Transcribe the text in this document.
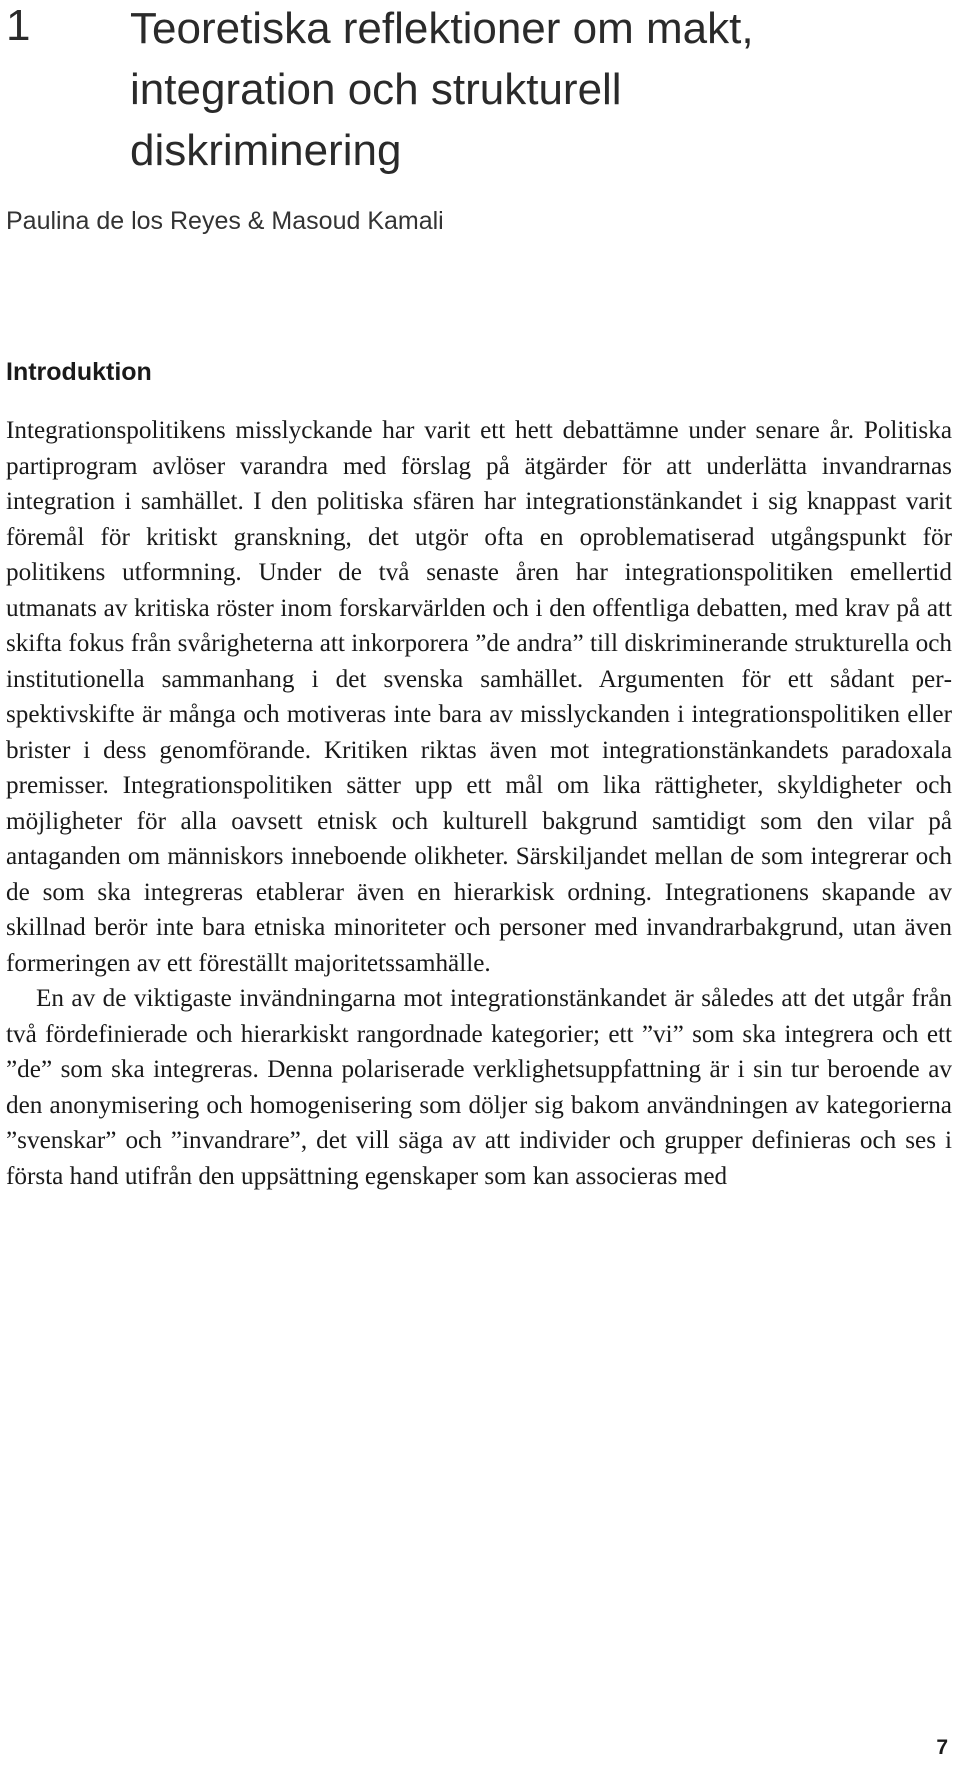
1 Teoretiska reflektioner om makt, integration och strukturell diskriminering
Paulina de los Reyes & Masoud Kamali
Introduktion

Integrationspolitikens misslyckande har varit ett hett debattämne under senare år. Politiska partiprogram avlöser varandra med förslag på ätgärder för att underlätta invandrarnas integration i samhället. I den politiska sfären har integrationstänkandet i sig knappast varit föremål för kritiskt granskning, det utgör ofta en oproblematiserad utgångspunkt för politikens utformning. Under de två senaste åren har integrationspolitiken emellertid utmanats av kritiska röster inom forskarvärlden och i den offentliga debatten, med krav på att skifta fokus från svårigheterna att inkorporera ”de andra” till diskriminerande strukturella och institutionella sammanhang i det svenska samhället. Argumenten för ett sådant perspektivskifte är många och motiveras inte bara av misslyckanden i integrationspolitiken eller brister i dess genomförande. Kritiken riktas även mot integrationstänkandets paradoxala premisser. Integrationspolitiken sätter upp ett mål om lika rättigheter, skyldigheter och möjligheter för alla oavsett etnisk och kulturell bakgrund samtidigt som den vilar på antaganden om människors inneboende olikheter. Särskiljandet mellan de som integrerar och de som ska integreras etablerar även en hierarkisk ordning. Integrationens skapande av skillnad berör inte bara etniska minoriteter och personer med invandrarbakgrund, utan även formeringen av ett föreställt majoritetssamhälle.

En av de viktigaste invändningarna mot integrationstänkandet är således att det utgår från två fördefinierade och hierarkiskt rangordnade kategorier; ett ”vi” som ska integrera och ett ”de” som ska integreras. Denna polariserade verklighetsuppfattning är i sin tur beroende av den anonymisering och homogenisering som döljer sig bakom användningen av kategorierna ”svenskar” och ”invandrare”, det vill säga av att individer och grupper definieras och ses i första hand utifrån den uppsättning egenskaper som kan associeras med

7
